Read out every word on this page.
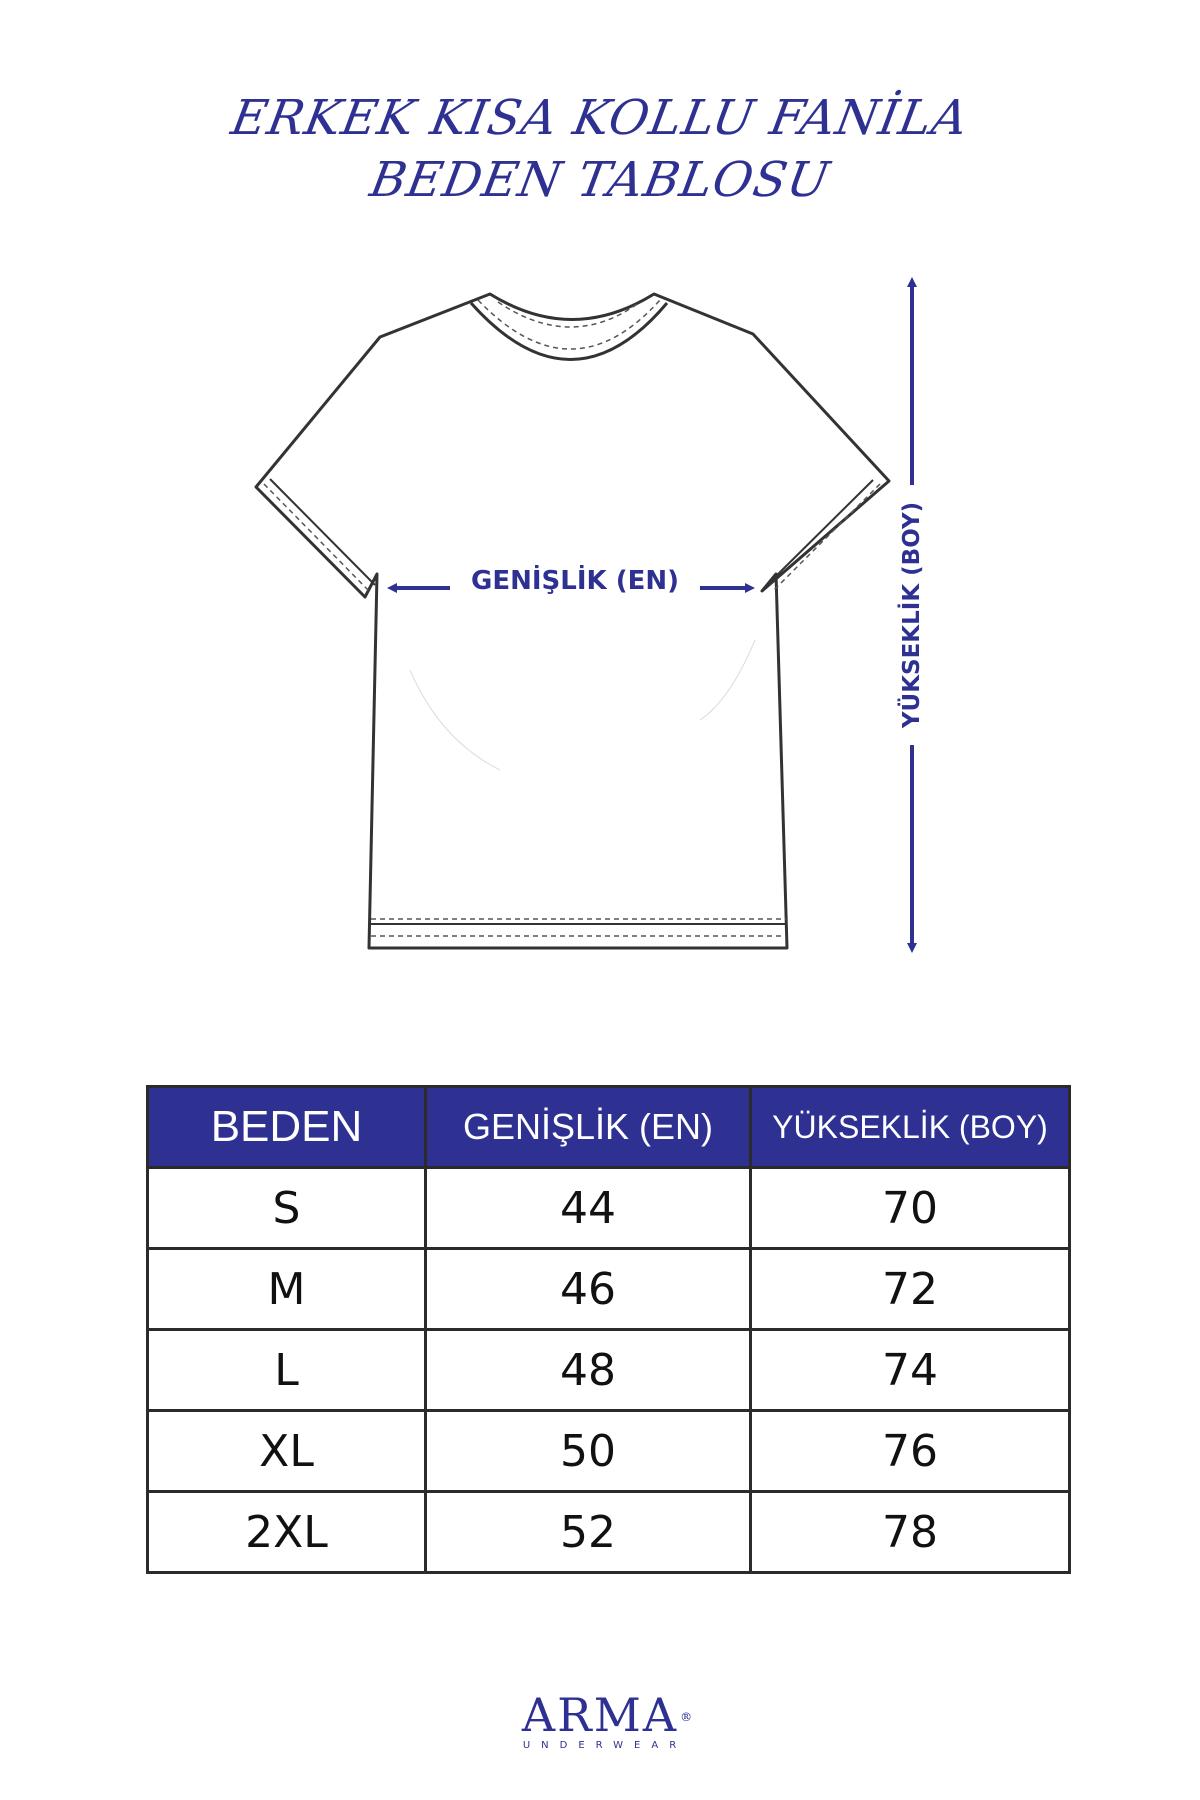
ERKEK KISA KOLLU FANİLA
BEDEN TABLOSU
GENİŞLİK (EN)	YÜKSEKLİK (BOY)
BEDEN	GENİŞLİK (EN)	YÜKSEKLİK (BOY)
S	44	70
M	46	72
L	48	74
XL	50	76
2XL	52	78
ARMA ®
UNDERWEAR
